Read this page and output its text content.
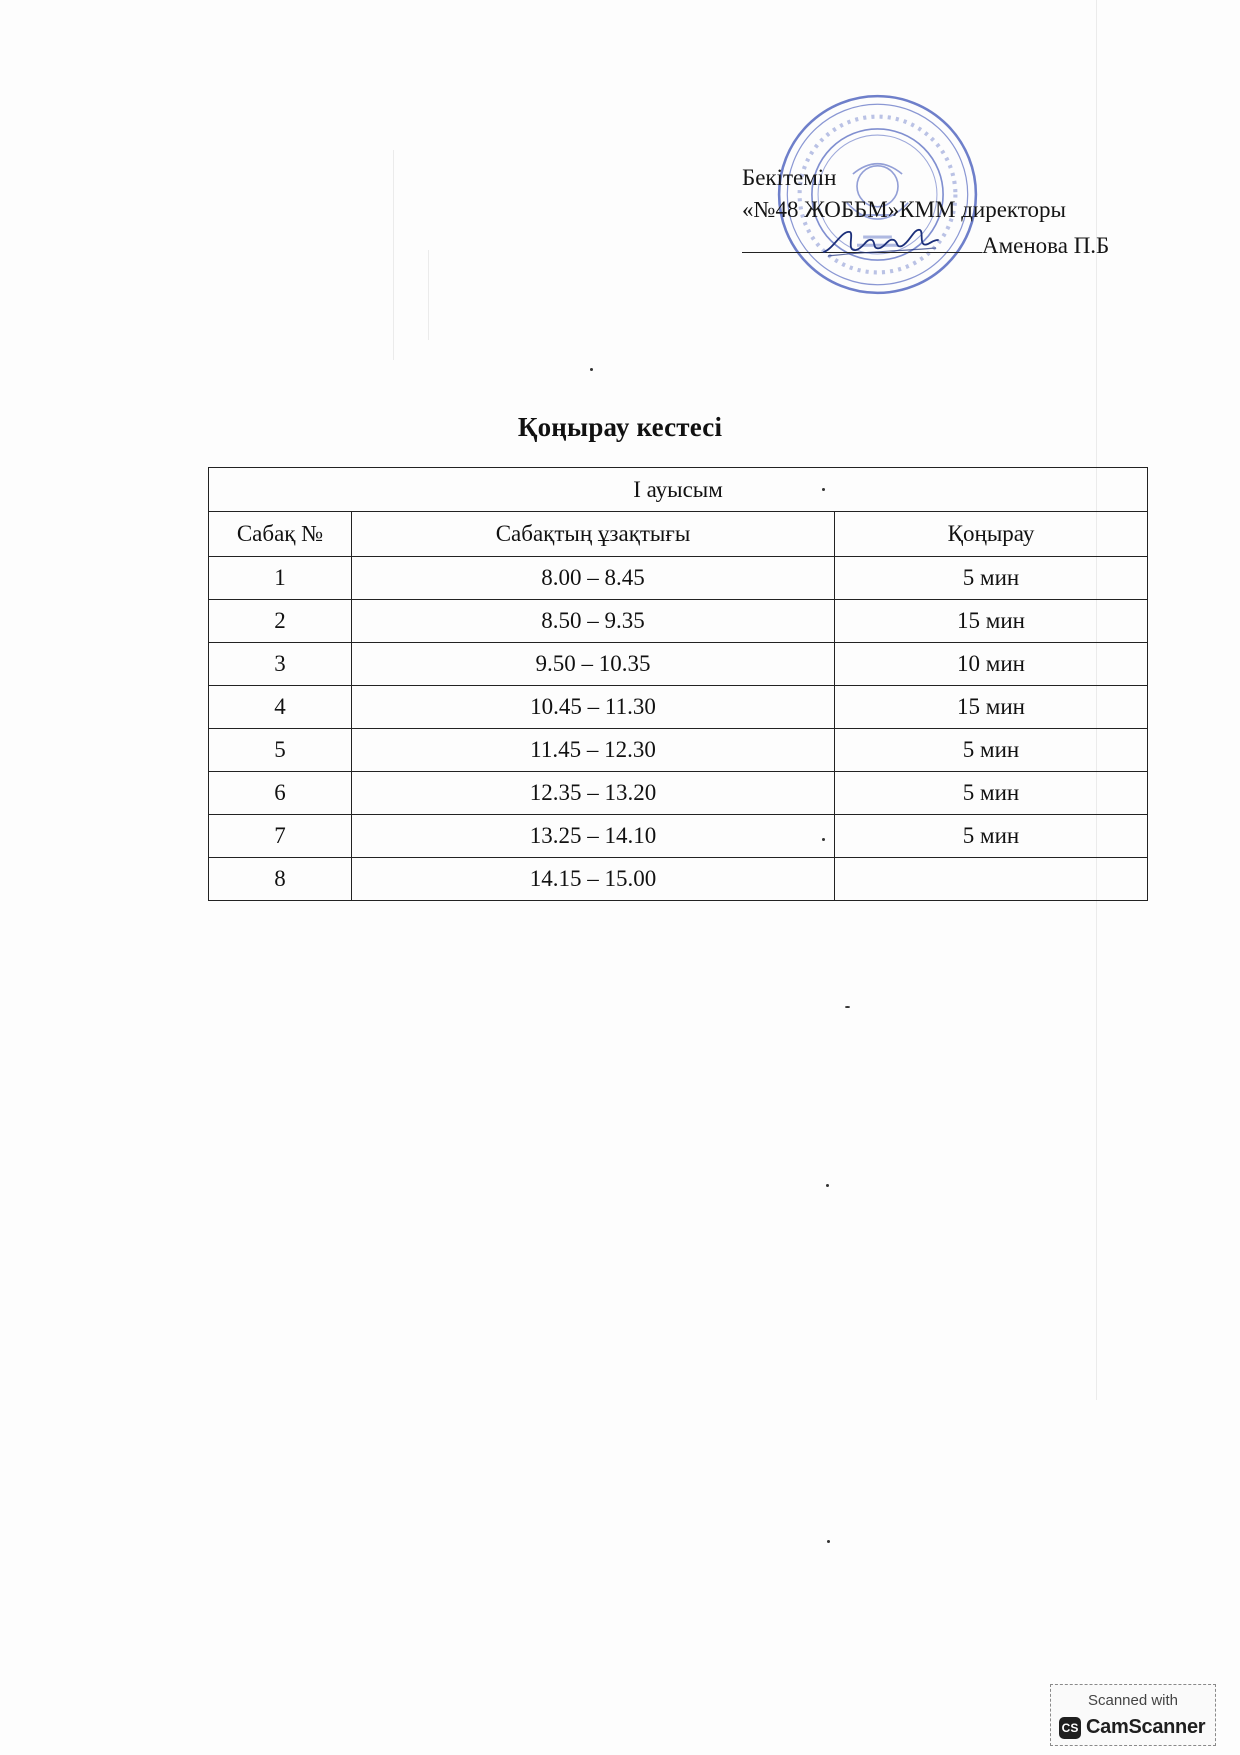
Бекітемін
«№48 ЖОББМ»КММ директоры
Аменова П.Б
Қоңырау кестесі
I ауысым		
Сабақ №	Сабақтың ұзақтығы	Қоңырау
1	8.00 – 8.45	5 мин
2	8.50 – 9.35	15 мин
3	9.50 – 10.35	10 мин
4	10.45 – 11.30	15 мин
5	11.45 – 12.30	5 мин
6	12.35 – 13.20	5 мин
7	13.25 – 14.10	5 мин
8	14.15 – 15.00	
Scanned with
CS CamScanner
